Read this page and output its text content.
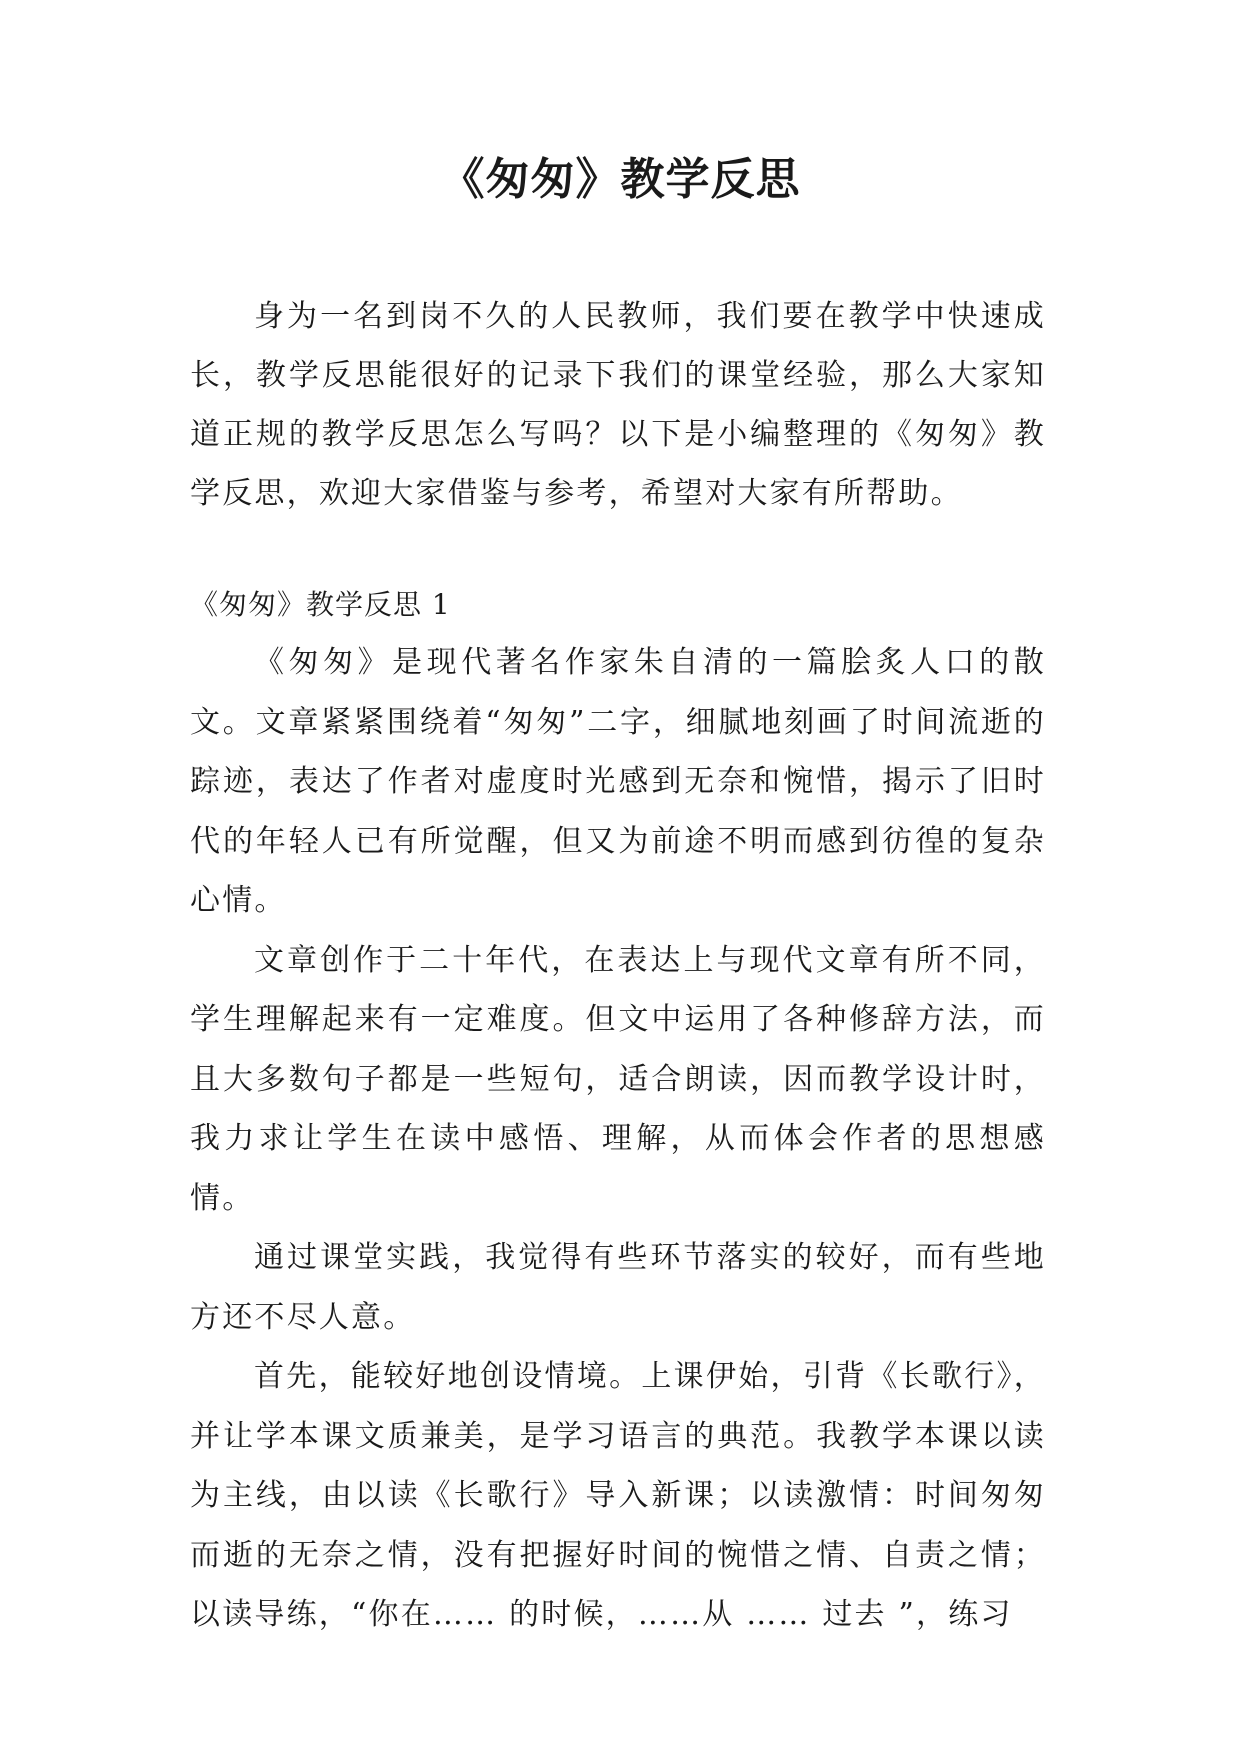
《匆匆》教学反思

身为一名到岗不久的人民教师，我们要在教学中快速成长，教学反思能很好的记录下我们的课堂经验，那么大家知道正规的教学反思怎么写吗？以下是小编整理的《匆匆》教学反思，欢迎大家借鉴与参考，希望对大家有所帮助。

《匆匆》教学反思 1

《匆匆》是现代著名作家朱自清的一篇脍炙人口的散文。文章紧紧围绕着“匆匆”二字，细腻地刻画了时间流逝的踪迹，表达了作者对虚度时光感到无奈和惋惜，揭示了旧时代的年轻人已有所觉醒，但又为前途不明而感到彷徨的复杂心情。

文章创作于二十年代，在表达上与现代文章有所不同，学生理解起来有一定难度。但文中运用了各种修辞方法，而且大多数句子都是一些短句，适合朗读，因而教学设计时，我力求让学生在读中感悟、理解，从而体会作者的思想感情。

通过课堂实践，我觉得有些环节落实的较好，而有些地方还不尽人意。

首先，能较好地创设情境。上课伊始，引背《长歌行》，并让学本课文质兼美，是学习语言的典范。我教学本课以读为主线，由以读《长歌行》导入新课；以读激情：时间匆匆而逝的无奈之情，没有把握好时间的惋惜之情、自责之情；以读导练，“你在…… 的时候，……从 …… 过去 ”，练习
